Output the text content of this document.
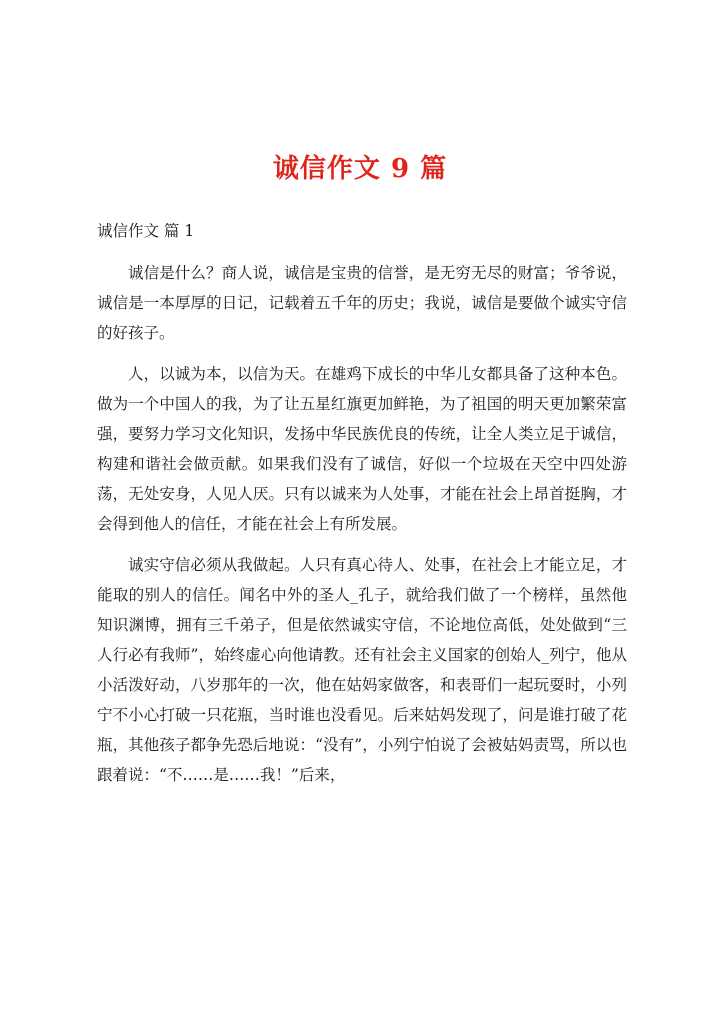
诚信作文 9 篇
诚信作文 篇 1

诚信是什么？商人说，诚信是宝贵的信誉，是无穷无尽的财富；爷爷说，诚信是一本厚厚的日记，记载着五千年的历史；我说，诚信是要做个诚实守信的好孩子。

人，以诚为本，以信为天。在雄鸡下成长的中华儿女都具备了这种本色。做为一个中国人的我，为了让五星红旗更加鲜艳，为了祖国的明天更加繁荣富强，要努力学习文化知识，发扬中华民族优良的传统，让全人类立足于诚信，构建和谐社会做贡献。如果我们没有了诚信，好似一个垃圾在天空中四处游荡，无处安身，人见人厌。只有以诚来为人处事，才能在社会上昂首挺胸，才会得到他人的信任，才能在社会上有所发展。

诚实守信必须从我做起。人只有真心待人、处事，在社会上才能立足，才能取的别人的信任。闻名中外的圣人_孔子，就给我们做了一个榜样，虽然他知识渊博，拥有三千弟子，但是依然诚实守信，不论地位高低，处处做到“三人行必有我师”，始终虚心向他请教。还有社会主义国家的创始人_列宁，他从小活泼好动，八岁那年的一次，他在姑妈家做客，和表哥们一起玩耍时，小列宁不小心打破一只花瓶，当时谁也没看见。后来姑妈发现了，问是谁打破了花瓶，其他孩子都争先恐后地说：“没有”，小列宁怕说了会被姑妈责骂，所以也跟着说：“不……是……我！”后来，
